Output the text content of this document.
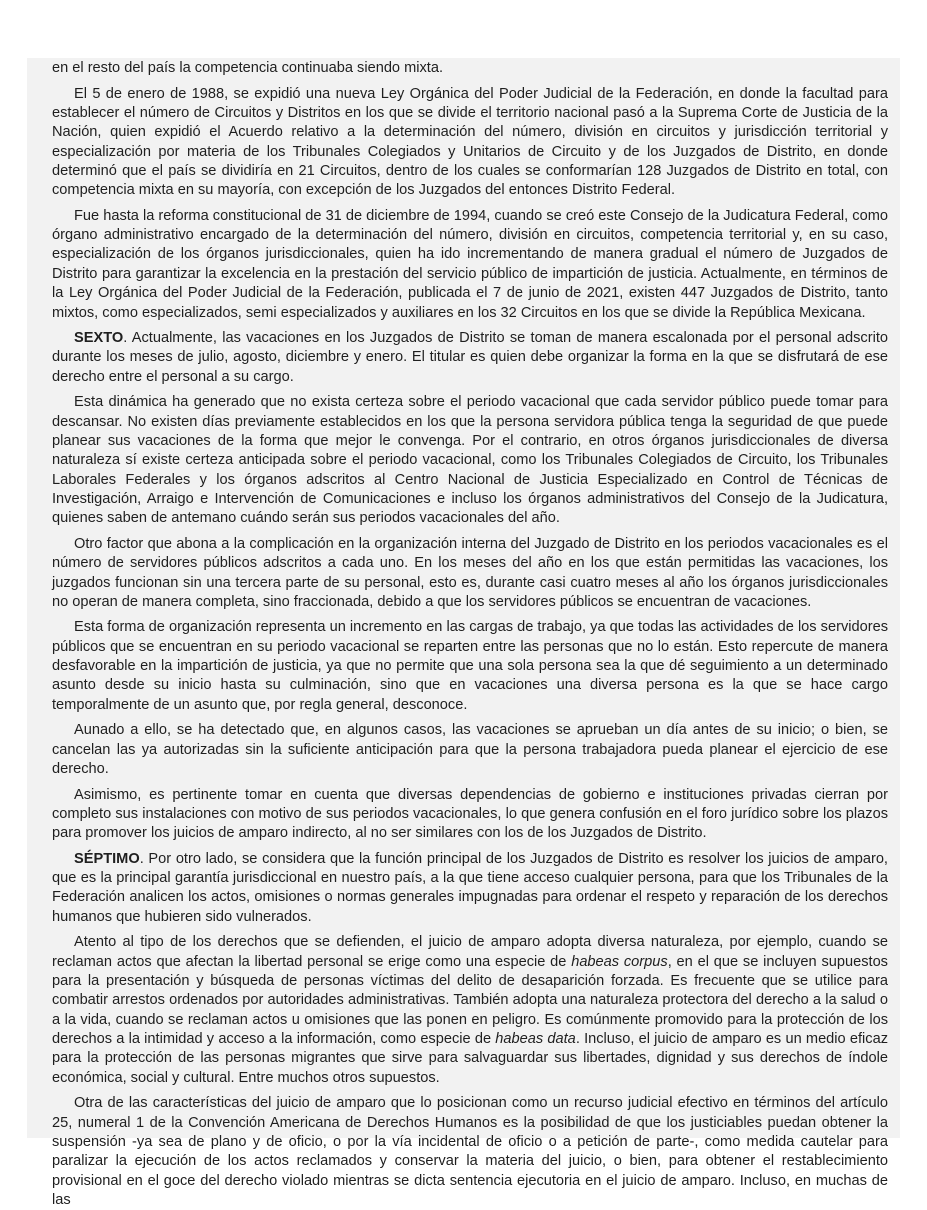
en el resto del país la competencia continuaba siendo mixta.

El 5 de enero de 1988, se expidió una nueva Ley Orgánica del Poder Judicial de la Federación, en donde la facultad para establecer el número de Circuitos y Distritos en los que se divide el territorio nacional pasó a la Suprema Corte de Justicia de la Nación, quien expidió el Acuerdo relativo a la determinación del número, división en circuitos y jurisdicción territorial y especialización por materia de los Tribunales Colegiados y Unitarios de Circuito y de los Juzgados de Distrito, en donde determinó que el país se dividiría en 21 Circuitos, dentro de los cuales se conformarían 128 Juzgados de Distrito en total, con competencia mixta en su mayoría, con excepción de los Juzgados del entonces Distrito Federal.

Fue hasta la reforma constitucional de 31 de diciembre de 1994, cuando se creó este Consejo de la Judicatura Federal, como órgano administrativo encargado de la determinación del número, división en circuitos, competencia territorial y, en su caso, especialización de los órganos jurisdiccionales, quien ha ido incrementando de manera gradual el número de Juzgados de Distrito para garantizar la excelencia en la prestación del servicio público de impartición de justicia. Actualmente, en términos de la Ley Orgánica del Poder Judicial de la Federación, publicada el 7 de junio de 2021, existen 447 Juzgados de Distrito, tanto mixtos, como especializados, semi especializados y auxiliares en los 32 Circuitos en los que se divide la República Mexicana.

SEXTO. Actualmente, las vacaciones en los Juzgados de Distrito se toman de manera escalonada por el personal adscrito durante los meses de julio, agosto, diciembre y enero. El titular es quien debe organizar la forma en la que se disfrutará de ese derecho entre el personal a su cargo.

Esta dinámica ha generado que no exista certeza sobre el periodo vacacional que cada servidor público puede tomar para descansar. No existen días previamente establecidos en los que la persona servidora pública tenga la seguridad de que puede planear sus vacaciones de la forma que mejor le convenga. Por el contrario, en otros órganos jurisdiccionales de diversa naturaleza sí existe certeza anticipada sobre el periodo vacacional, como los Tribunales Colegiados de Circuito, los Tribunales Laborales Federales y los órganos adscritos al Centro Nacional de Justicia Especializado en Control de Técnicas de Investigación, Arraigo e Intervención de Comunicaciones e incluso los órganos administrativos del Consejo de la Judicatura, quienes saben de antemano cuándo serán sus periodos vacacionales del año.

Otro factor que abona a la complicación en la organización interna del Juzgado de Distrito en los periodos vacacionales es el número de servidores públicos adscritos a cada uno. En los meses del año en los que están permitidas las vacaciones, los juzgados funcionan sin una tercera parte de su personal, esto es, durante casi cuatro meses al año los órganos jurisdiccionales no operan de manera completa, sino fraccionada, debido a que los servidores públicos se encuentran de vacaciones.

Esta forma de organización representa un incremento en las cargas de trabajo, ya que todas las actividades de los servidores públicos que se encuentran en su periodo vacacional se reparten entre las personas que no lo están. Esto repercute de manera desfavorable en la impartición de justicia, ya que no permite que una sola persona sea la que dé seguimiento a un determinado asunto desde su inicio hasta su culminación, sino que en vacaciones una diversa persona es la que se hace cargo temporalmente de un asunto que, por regla general, desconoce.

Aunado a ello, se ha detectado que, en algunos casos, las vacaciones se aprueban un día antes de su inicio; o bien, se cancelan las ya autorizadas sin la suficiente anticipación para que la persona trabajadora pueda planear el ejercicio de ese derecho.

Asimismo, es pertinente tomar en cuenta que diversas dependencias de gobierno e instituciones privadas cierran por completo sus instalaciones con motivo de sus periodos vacacionales, lo que genera confusión en el foro jurídico sobre los plazos para promover los juicios de amparo indirecto, al no ser similares con los de los Juzgados de Distrito.

SÉPTIMO. Por otro lado, se considera que la función principal de los Juzgados de Distrito es resolver los juicios de amparo, que es la principal garantía jurisdiccional en nuestro país, a la que tiene acceso cualquier persona, para que los Tribunales de la Federación analicen los actos, omisiones o normas generales impugnadas para ordenar el respeto y reparación de los derechos humanos que hubieren sido vulnerados.

Atento al tipo de los derechos que se defienden, el juicio de amparo adopta diversa naturaleza, por ejemplo, cuando se reclaman actos que afectan la libertad personal se erige como una especie de habeas corpus, en el que se incluyen supuestos para la presentación y búsqueda de personas víctimas del delito de desaparición forzada. Es frecuente que se utilice para combatir arrestos ordenados por autoridades administrativas. También adopta una naturaleza protectora del derecho a la salud o a la vida, cuando se reclaman actos u omisiones que las ponen en peligro. Es comúnmente promovido para la protección de los derechos a la intimidad y acceso a la información, como especie de habeas data. Incluso, el juicio de amparo es un medio eficaz para la protección de las personas migrantes que sirve para salvaguardar sus libertades, dignidad y sus derechos de índole económica, social y cultural. Entre muchos otros supuestos.

Otra de las características del juicio de amparo que lo posicionan como un recurso judicial efectivo en términos del artículo 25, numeral 1 de la Convención Americana de Derechos Humanos es la posibilidad de que los justiciables puedan obtener la suspensión -ya sea de plano y de oficio, o por la vía incidental de oficio o a petición de parte-, como medida cautelar para paralizar la ejecución de los actos reclamados y conservar la materia del juicio, o bien, para obtener el restablecimiento provisional en el goce del derecho violado mientras se dicta sentencia ejecutoria en el juicio de amparo. Incluso, en muchas de las
